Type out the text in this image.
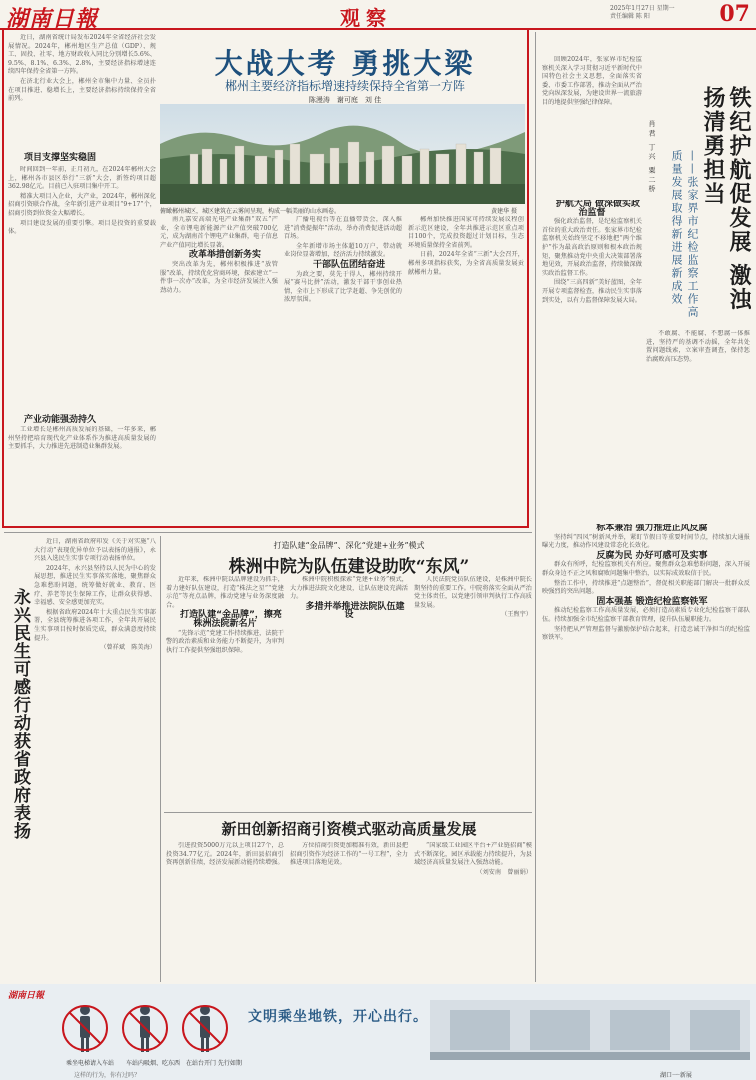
湖南日報	观察	2025年1月27日 星期一
责任编辑 陈 阳	07

近日，湖南省统计局发布2024年全省经济社会发展情况。2024年，郴州地区生产总值（GDP）、规工、固投、社零、地方财政收入同比分别增长5.6%、9.5%、8.1%、6.3%、2.8%，主要经济指标增速连续四年保持全省第一方阵。

在济北行业大会上，郴州全市集中力量、全员扑在项目推进、稳增长上，主要经济指标持续保持全省前列。

项目支撑坚实稳固

时间回到一年前，正月初九，在2024年郴州大会上，郴州各市县区举行“三新”大会，新签约项目超362.98亿元。目前已入驻项目集中开工。

精准大项目入企业，大产业，2024年，郴州深化招商引资联合作战，全年新引进产业项目“9+17”个，招商引资到位资金大幅增长。

项目建设发展的重要引擎。项目是投资的重要载体。

产业动能强劲持久

工业增长是郴州高质发展的基础，一年多来，郴州坚持把培育现代化产业体系作为推进高质量发展的主要抓手，大力推进先进制造业集群发展。

大战大考 勇挑大梁
郴州主要经济指标增速持续保持全省第一方阵
陈漫涛　谢可庭　刘 佳
俯瞰郴州城区，城区建筑在云雾间呈现，构成一幅美丽的山水画卷。	黄建华 摄

南九嘉安高端光电产业集群“双五”产业，全市锂电新能源产业产值突破700亿元，成为湖南首个锂电产业集群，电子信息产业产值同比增长显著。

改革举措创新务实

突出改革为先，郴州积极推进“放管服”改革，持续优化营商环境，探索建立“一件事一次办”改革，为全市经济发展注入强劲动力。

广播电视台等在直播带货会，深入推进“消费提振年”活动，举办消费促进活动超百场。

全年新增市场主体超10万户，带动就业岗位显著增加，经济活力持续激发。

干部队伍团结奋进

为政之要，莫先于得人，郴州持续开展“赛马比拼”活动，激发干部干事创业热情，全市上下形成了比学赶超、争先创优的浓厚氛围。

郴州加快推进国家可持续发展议程创新示范区建设，全年共推进示范区重点项目100个，完成投资超过计划目标，生态环境质量保持全省前列。

日前，2024年全省“三新”大会召开，郴州多项指标获奖，为全省高质量发展贡献郴州力量。

回顾2024年，张家界市纪检监察机关深入学习贯彻习近平新时代中国特色社会主义思想，全面落实省委、市委工作部署，推动全面从严治党向纵深发展，为建设世界一流旅游目的地提供坚强纪律保障。	铁纪护航促发展 激浊扬清勇担当
——张家界市纪检监察工作高质量发展取得新进展新成效
肖 君　丁 兴　粟 二 桥

护航大局 做深做实政治监督

强化政治监督，是纪检监察机关首位的重大政治责任。张家界市纪检监察机关始终坚定不移地把“两个维护”作为最高政治原则和根本政治规矩，聚焦推动党中央重大决策部署落地见效，开展政治监督，持续做深做实政治监督工作。

围绕“三高四新”美好蓝图，全年开展专项监督检查，推动民生实事落到实处，以有力监督保障发展大局。

不敢腐、不能腐、不想腐一体推进，坚持严的基调不动摇，全年共处置问题线索，立案审查调查，保持惩治腐败高压态势。

标本兼治 强力推进正风反腐

坚持纠“四风”树新风并举，紧盯节假日等重要时间节点，持续加大通报曝光力度，推动作风建设常态化长效化。

反腐为民 办好可感可及实事

群众有所呼，纪检监察机关有所应。聚焦群众急难愁盼问题，深入开展群众身边不正之风和腐败问题集中整治，以实际成效取信于民。

整治工作中，持续推进“点题整治”，督促相关职能部门解决一批群众反映强烈的突出问题。

固本强基 锻造纪检监察铁军

推动纪检监察工作高质量发展，必须打造高素质专业化纪检监察干部队伍。持续加强全市纪检监察干部教育管理，提升队伍履职能力。

坚持把从严管理监督与激励保护结合起来，打造忠诚干净担当的纪检监察铁军。

永兴民生可感行动获省政府表扬

近日，湖南省政府印发《关于对实施“八大行动”表现优异单位予以表扬的通报》，永兴县入选民生实事专项行动表扬单位。

2024年，永兴县坚持以人民为中心的发展思想，推进民生实事落实落地，聚焦群众急难愁盼问题，统筹做好就业、教育、医疗、养老等民生保障工作，让群众获得感、幸福感、安全感更加充实。

根据省政府2024年十大重点民生实事部署，全县统筹推进各项工作，全年共开展民生实事项目按时保质完成，群众满意度持续提升。

（曾祥斌　陈美海）

打造队建“金品牌”、深化“党建+业务”模式
株洲中院为队伍建设助吹“东风”

近年来，株洲中院以品牌建设为抓手，着力建好队伍建设，打造“株法之星”“党建示范”等亮点品牌，推动党建与业务深度融合。

打造队建“金品牌”，擦亮株洲法院新名片

“先锋示范”党建工作持续推进，法院干警的政治素质和业务能力不断提升，为审判执行工作提供坚强组织保障。

株洲中院积极探索“党建+业务”模式，大力推进法院文化建设，让队伍建设充满活力。

多措并举推进法院队伍建设

人民法院党员队伍建设，是株洲中院长期坚持的重要工作。中院将落实全面从严治党主体责任，以党建引领审判执行工作高质量发展。

（王煦宇）

新田创新招商引资模式驱动高质量发展

引进投资5000万元以上项目27个，总投资34.77亿元。2024年，新田县招商引资再创新佳绩，经济发展新动能持续增强。

方位招商引资更加精准有效，新田县把招商引资作为经济工作的“一号工程”，全力推进项目落地见效。

“国家级工业园区平台+产业链招商”模式不断深化，园区承载能力持续提升，为县域经济高质量发展注入强劲动能。

（刘安南　曾丽娟）

湖南日報
乘坐电梯请入车站 车站内吸烟、吃东西 在站台开门 先行如期
文明乘坐地铁，开心出行。
这样的行为，你有过吗？	湖口一·新展
